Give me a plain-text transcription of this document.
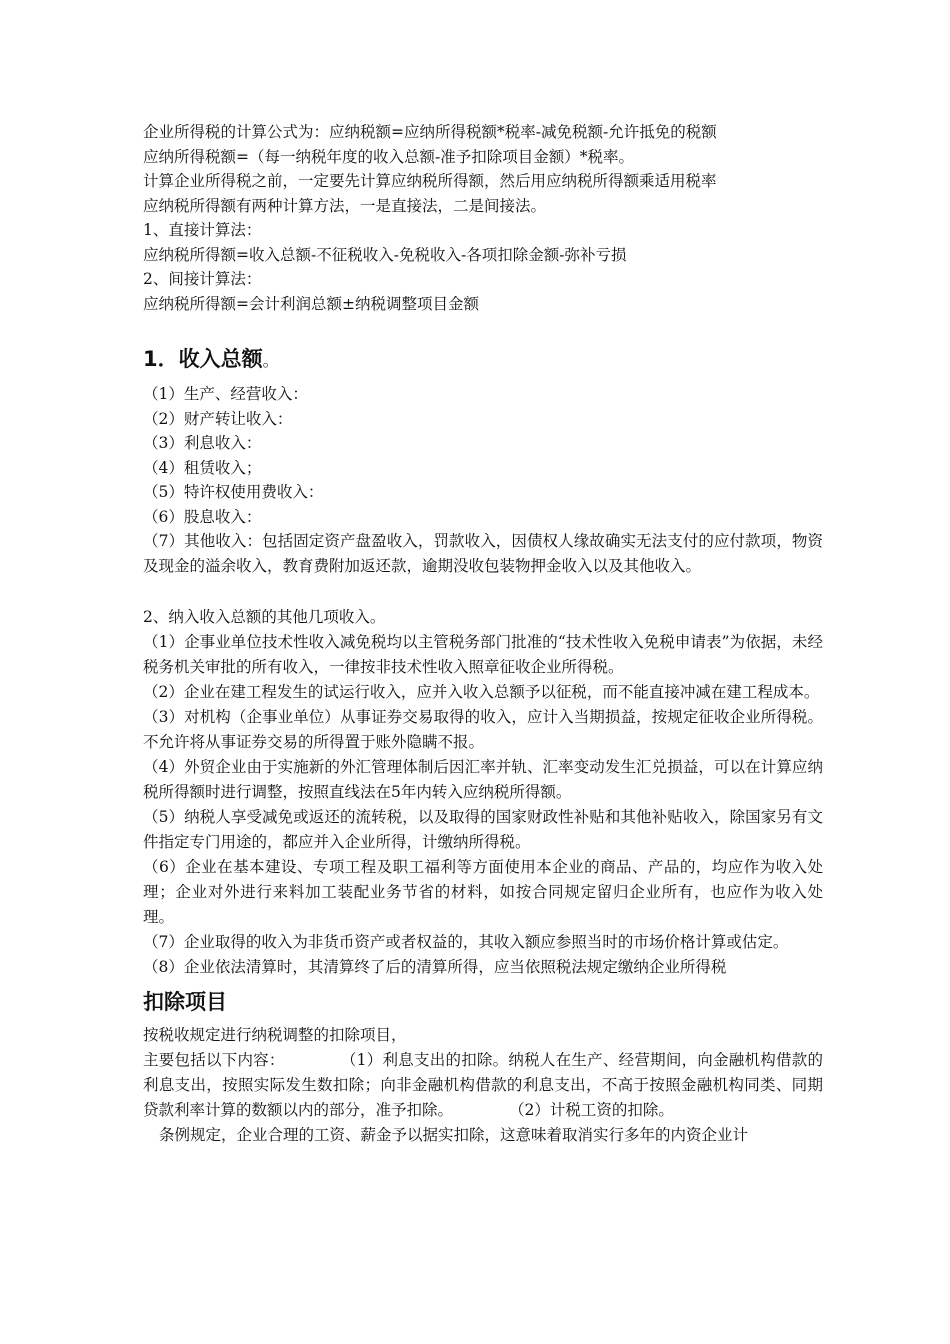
企业所得税的计算公式为：应纳税额=应纳所得税额*税率-减免税额-允许抵免的税额

应纳所得税额=（每一纳税年度的收入总额-准予扣除项目金额）*税率。

计算企业所得税之前，一定要先计算应纳税所得额，然后用应纳税所得额乘适用税率

应纳税所得额有两种计算方法，一是直接法，二是间接法。

1、直接计算法：

应纳税所得额=收入总额-不征税收入-免税收入-各项扣除金额-弥补亏损

2、间接计算法：

应纳税所得额=会计利润总额±纳税调整项目金额

1．收入总额。

（1）生产、经营收入：

（2）财产转让收入：

（3）利息收入：

（4）租赁收入；

（5）特许权使用费收入：

（6）股息收入：

（7）其他收入：包括固定资产盘盈收入，罚款收入，因债权人缘故确实无法支付的应付款项，物资及现金的溢余收入，教育费附加返还款，逾期没收包装物押金收入以及其他收入。

2、纳入收入总额的其他几项收入。

（1）企事业单位技术性收入减免税均以主管税务部门批准的“技术性收入免税申请表”为依据，未经税务机关审批的所有收入，一律按非技术性收入照章征收企业所得税。

（2）企业在建工程发生的试运行收入，应并入收入总额予以征税，而不能直接冲减在建工程成本。

（3）对机构（企事业单位）从事证券交易取得的收入，应计入当期损益，按规定征收企业所得税。不允许将从事证券交易的所得置于账外隐瞒不报。

（4）外贸企业由于实施新的外汇管理体制后因汇率并轨、汇率变动发生汇兑损益，可以在计算应纳税所得额时进行调整，按照直线法在5年内转入应纳税所得额。

（5）纳税人享受减免或返还的流转税，以及取得的国家财政性补贴和其他补贴收入，除国家另有文件指定专门用途的，都应并入企业所得，计缴纳所得税。

（6）企业在基本建设、专项工程及职工福利等方面使用本企业的商品、产品的，均应作为收入处理；企业对外进行来料加工装配业务节省的材料，如按合同规定留归企业所有，也应作为收入处理。

（7）企业取得的收入为非货币资产或者权益的，其收入额应参照当时的市场价格计算或估定。

（8）企业依法清算时，其清算终了后的清算所得，应当依照税法规定缴纳企业所得税

扣除项目

按税收规定进行纳税调整的扣除项目，

主要包括以下内容：	（1）利息支出的扣除。纳税人在生产、经营期间，向金融机构借款的利息支出，按照实际发生数扣除；向非金融机构借款的利息支出，不高于按照金融机构同类、同期贷款利率计算的数额以内的部分，准予扣除。	（2）计税工资的扣除。

条例规定，企业合理的工资、薪金予以据实扣除，这意味着取消实行多年的内资企业计
